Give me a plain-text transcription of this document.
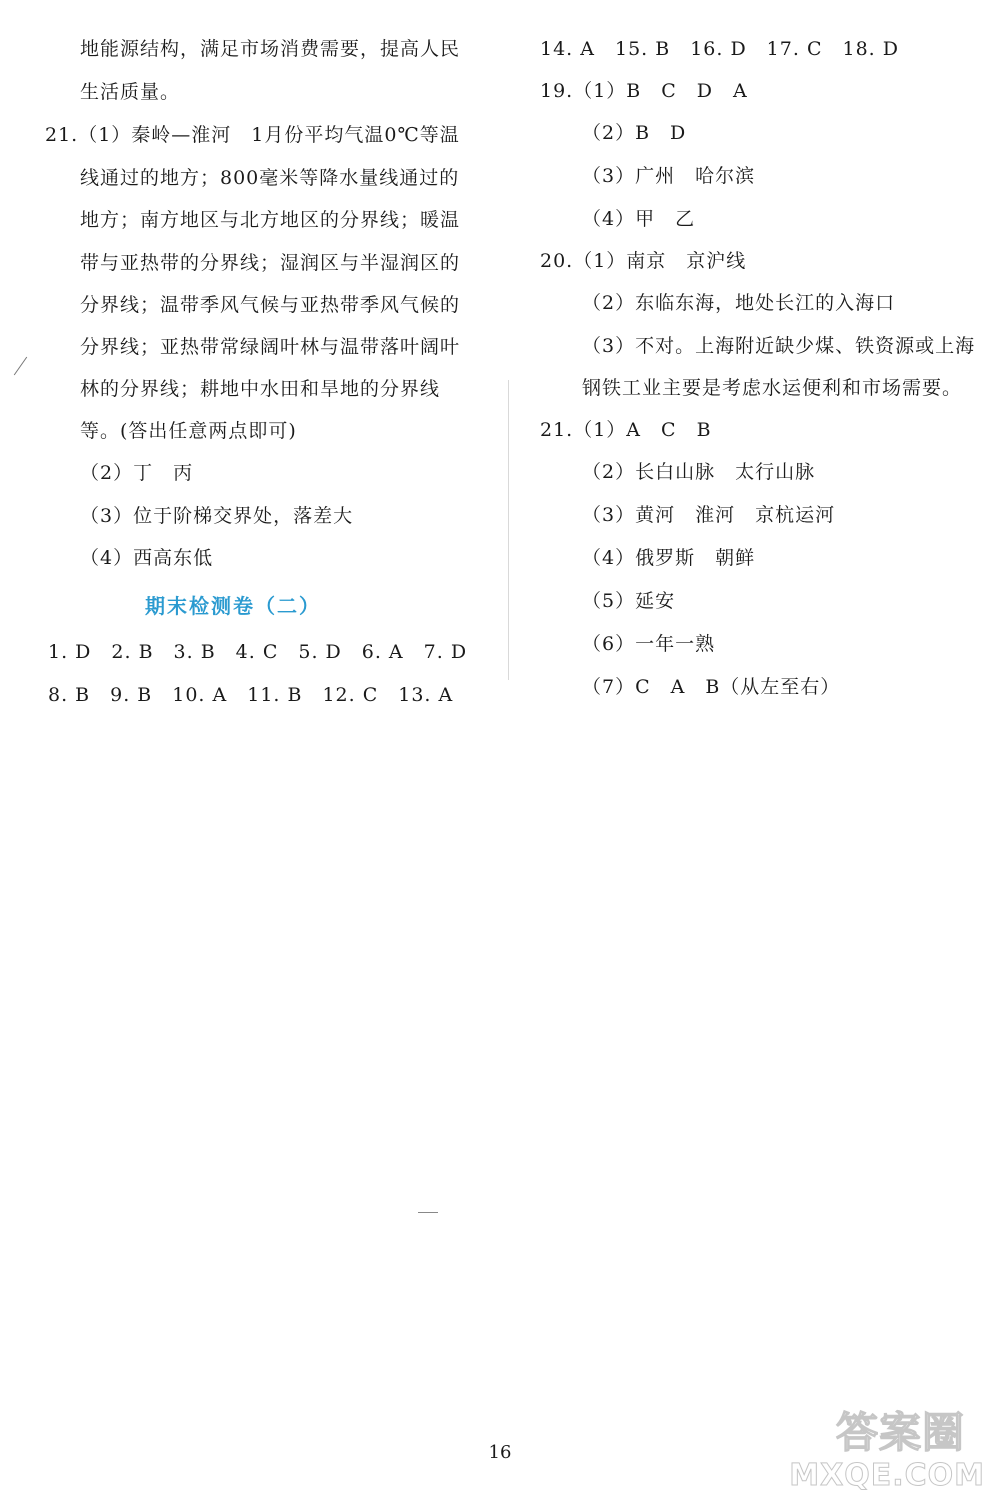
地能源结构，满足市场消费需要，提高人民
生活质量。
21.（1）秦岭—淮河　1月份平均气温0℃等温
线通过的地方；800毫米等降水量线通过的
地方；南方地区与北方地区的分界线；暖温
带与亚热带的分界线；湿润区与半湿润区的
分界线；温带季风气候与亚热带季风气候的
分界线；亚热带常绿阔叶林与温带落叶阔叶
林的分界线；耕地中水田和旱地的分界线
等。(答出任意两点即可)
（2）丁　丙
（3）位于阶梯交界处，落差大
（4）西高东低
期末检测卷（二）
1. D　2. B　3. B　4. C　5. D　6. A　7. D
8. B　9. B　10. A　11. B　12. C　13. A
14. A　15. B　16. D　17. C　18. D
19.（1）B　C　D　A
（2）B　D
（3）广州　哈尔滨
（4）甲　乙
20.（1）南京　京沪线
（2）东临东海，地处长江的入海口
（3）不对。上海附近缺少煤、铁资源或上海
钢铁工业主要是考虑水运便利和市场需要。
21.（1）A　C　B
（2）长白山脉　太行山脉
（3）黄河　淮河　京杭运河
（4）俄罗斯　朝鲜
（5）延安
（6）一年一熟
（7）C　A　B（从左至右）
16	答案圈
MXQE.COM
